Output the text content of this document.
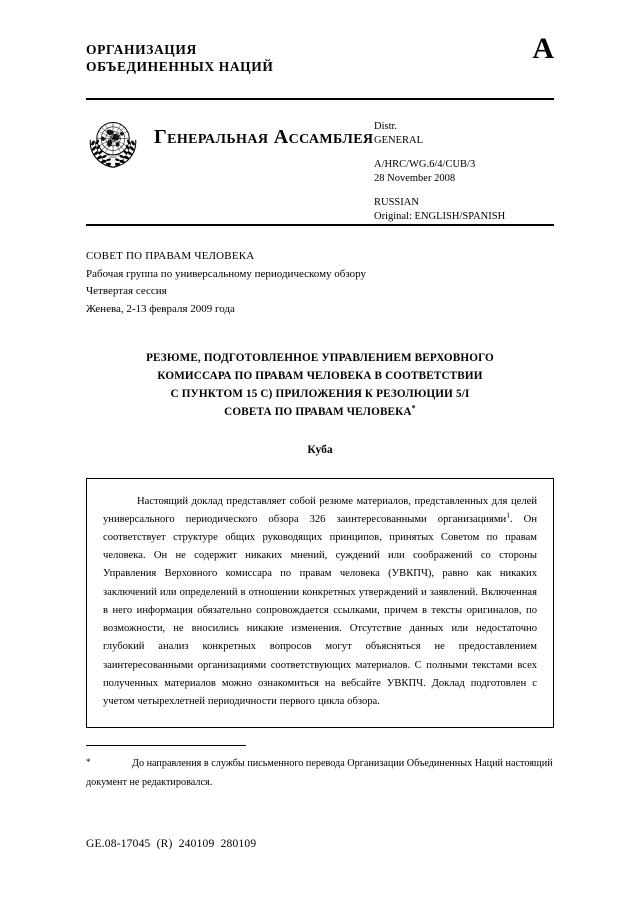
ОРГАНИЗАЦИЯ
ОБЪЕДИНЕННЫХ НАЦИЙ
A
Генеральная Ассамблея Distr.
GENERAL
A/HRC/WG.6/4/CUB/3
28 November 2008
RUSSIAN
Original: ENGLISH/SPANISH
СОВЕТ ПО ПРАВАМ ЧЕЛОВЕКА
Рабочая группа по универсальному периодическому обзору
Четвертая сессия
Женева, 2-13 февраля 2009 года
РЕЗЮМЕ, ПОДГОТОВЛЕННОЕ УПРАВЛЕНИЕМ ВЕРХОВНОГО
КОМИССАРА ПО ПРАВАМ ЧЕЛОВЕКА В СООТВЕТСТВИИ
С ПУНКТОМ 15 С) ПРИЛОЖЕНИЯ К РЕЗОЛЮЦИИ 5/I
СОВЕТА ПО ПРАВАМ ЧЕЛОВЕКА*
Куба

Настоящий доклад представляет собой резюме материалов, представленных для целей универсального периодического обзора 326 заинтересованными организациями$^1$. Он соответствует структуре общих руководящих принципов, принятых Советом по правам человека. Он не содержит никаких мнений, суждений или соображений со стороны Управления Верховного комиссара по правам человека (УВКПЧ), равно как никаких заключений или определений в отношении конкретных утверждений и заявлений. Включенная в него информация обязательно сопровождается ссылками, причем в тексты оригиналов, по возможности, не вносились никакие изменения. Отсутствие данных или недостаточно глубокий анализ конкретных вопросов могут объясняться не предоставлением заинтересованными организациями соответствующих материалов. С полными текстами всех полученных материалов можно ознакомиться на вебсайте УВКПЧ. Доклад подготовлен с учетом четырехлетней периодичности первого цикла обзора.

*	До направления в службы письменного перевода Организации Объединенных Наций настоящий документ не редактировался.
GE.08-17045  (R)  240109  280109
